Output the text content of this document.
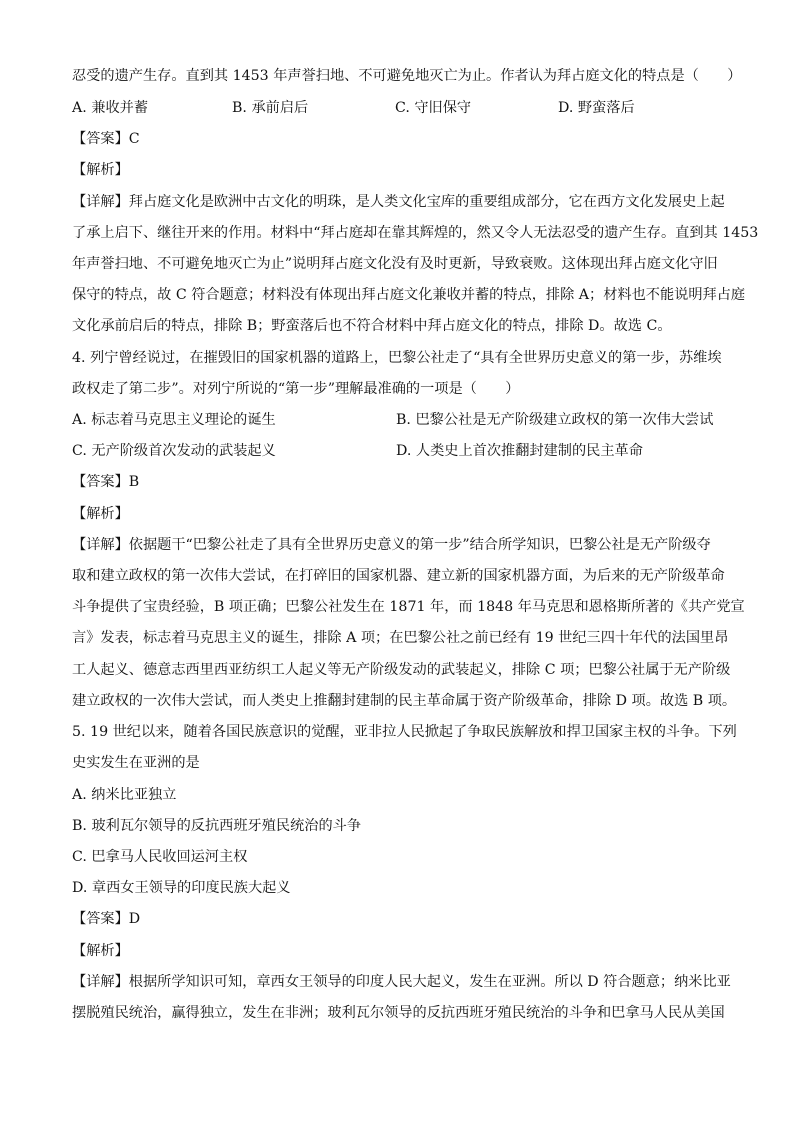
忍受的遗产生存。直到其 1453 年声誉扫地、不可避免地灭亡为止。作者认为拜占庭文化的特点是（　　）
A. 兼收并蓄	B. 承前启后	C. 守旧保守	D. 野蛮落后
【答案】C
【解析】
【详解】拜占庭文化是欧洲中古文化的明珠，是人类文化宝库的重要组成部分，它在西方文化发展史上起
了承上启下、继往开来的作用。材料中“拜占庭却在靠其辉煌的，然又令人无法忍受的遗产生存。直到其 1453
年声誉扫地、不可避免地灭亡为止”说明拜占庭文化没有及时更新，导致衰败。这体现出拜占庭文化守旧
保守的特点，故 C 符合题意；材料没有体现出拜占庭文化兼收并蓄的特点，排除 A；材料也不能说明拜占庭
文化承前启后的特点，排除 B；野蛮落后也不符合材料中拜占庭文化的特点，排除 D。故选 C。
4. 列宁曾经说过，在摧毁旧的国家机器的道路上，巴黎公社走了“具有全世界历史意义的第一步，苏维埃
政权走了第二步”。对列宁所说的“第一步”理解最准确的一项是（　　）
A. 标志着马克思主义理论的诞生	B. 巴黎公社是无产阶级建立政权的第一次伟大尝试
C. 无产阶级首次发动的武装起义	D. 人类史上首次推翻封建制的民主革命
【答案】B
【解析】
【详解】依据题干“巴黎公社走了具有全世界历史意义的第一步”结合所学知识，巴黎公社是无产阶级夺
取和建立政权的第一次伟大尝试，在打碎旧的国家机器、建立新的国家机器方面，为后来的无产阶级革命
斗争提供了宝贵经验，B 项正确；巴黎公社发生在 1871 年，而 1848 年马克思和恩格斯所著的《共产党宣
言》发表，标志着马克思主义的诞生，排除 A 项；在巴黎公社之前已经有 19 世纪三四十年代的法国里昂
工人起义、德意志西里西亚纺织工人起义等无产阶级发动的武装起义，排除 C 项；巴黎公社属于无产阶级
建立政权的一次伟大尝试，而人类史上推翻封建制的民主革命属于资产阶级革命，排除 D 项。故选 B 项。
5. 19 世纪以来，随着各国民族意识的觉醒，亚非拉人民掀起了争取民族解放和捍卫国家主权的斗争。下列
史实发生在亚洲的是
A. 纳米比亚独立
B. 玻利瓦尔领导的反抗西班牙殖民统治的斗争
C. 巴拿马人民收回运河主权
D. 章西女王领导的印度民族大起义
【答案】D
【解析】
【详解】根据所学知识可知，章西女王领导的印度人民大起义，发生在亚洲。所以 D 符合题意；纳米比亚
摆脱殖民统治，赢得独立，发生在非洲；玻利瓦尔领导的反抗西班牙殖民统治的斗争和巴拿马人民从美国
